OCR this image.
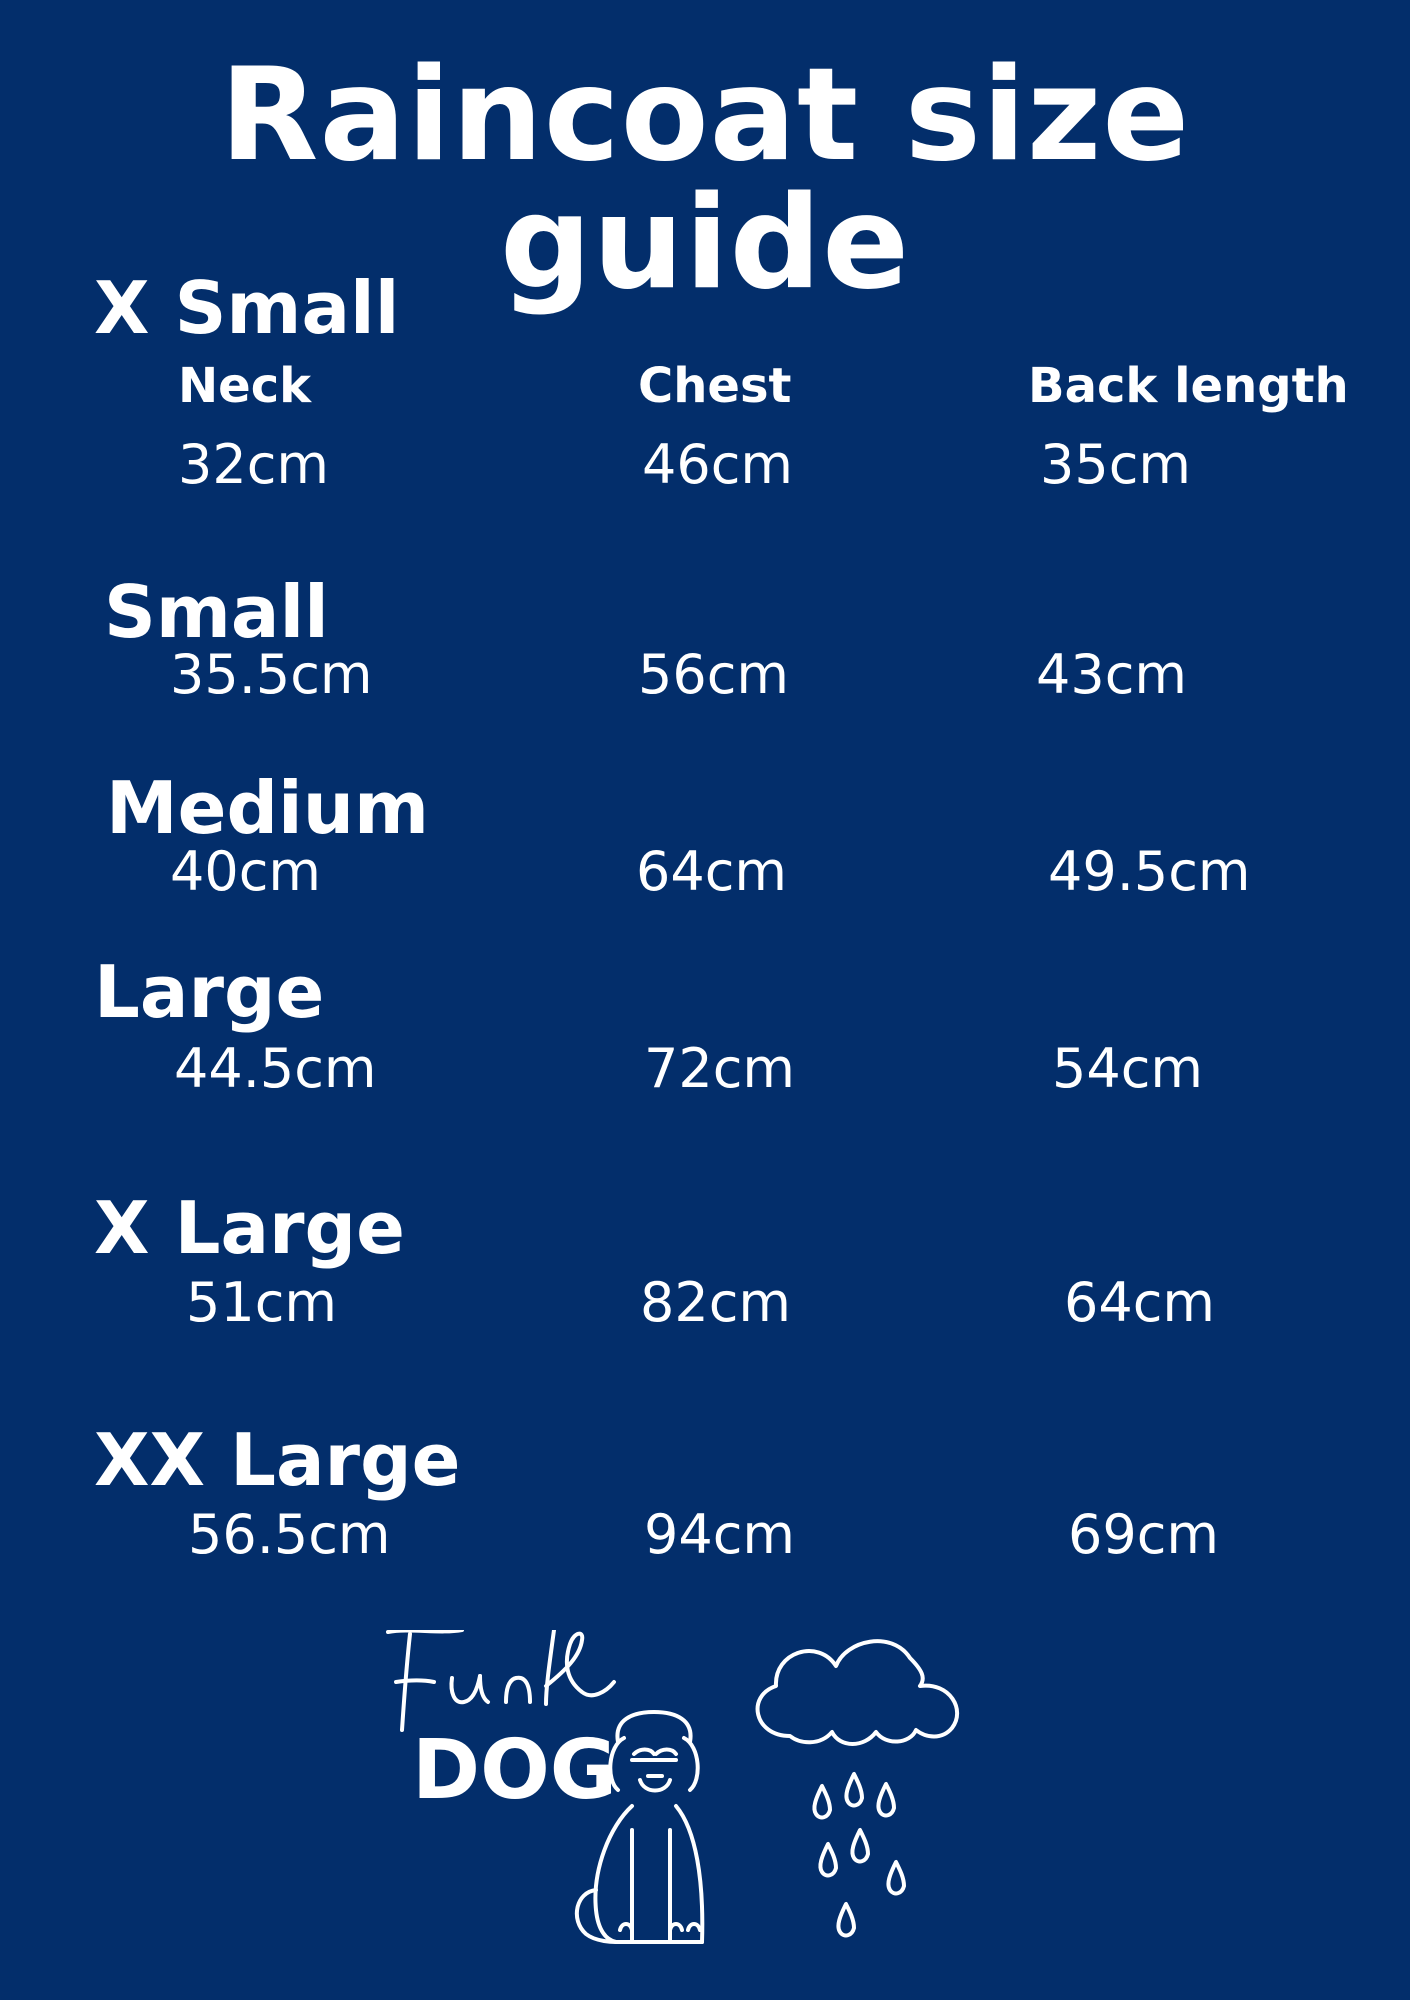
Raincoat size guide
X Small
Neck	Chest	Back length
32cm	46cm	35cm
Small
35.5cm	56cm	43cm
Medium
40cm	64cm	49.5cm
Large
44.5cm	72cm	54cm
X Large
51cm	82cm	64cm
XX Large
56.5cm	94cm	69cm
DOG
